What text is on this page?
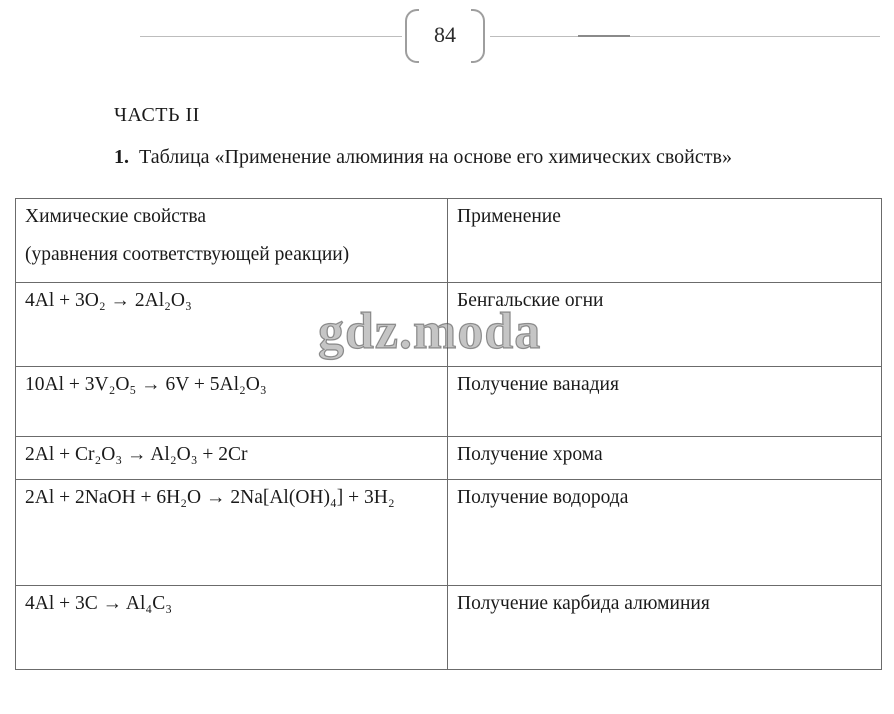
84
ЧАСТЬ II
1. Таблица «Применение алюминия на основе его химических свойств»
Химические свойства
(уравнения соответствующей реакции)	Применение
4Al + 3O₂ → 2Al₂O₃	Бенгальские огни
10Al + 3V₂O₅ → 6V + 5Al₂O₃	Получение ванадия
2Al + Cr₂O₃ → Al₂O₃ + 2Cr	Получение хрома
2Al + 2NaOH + 6H₂O → 2Na[Al(OH)₄] + 3H₂	Получение водорода
4Al + 3C → Al₄C₃	Получение карбида алюминия
gdz.moda
